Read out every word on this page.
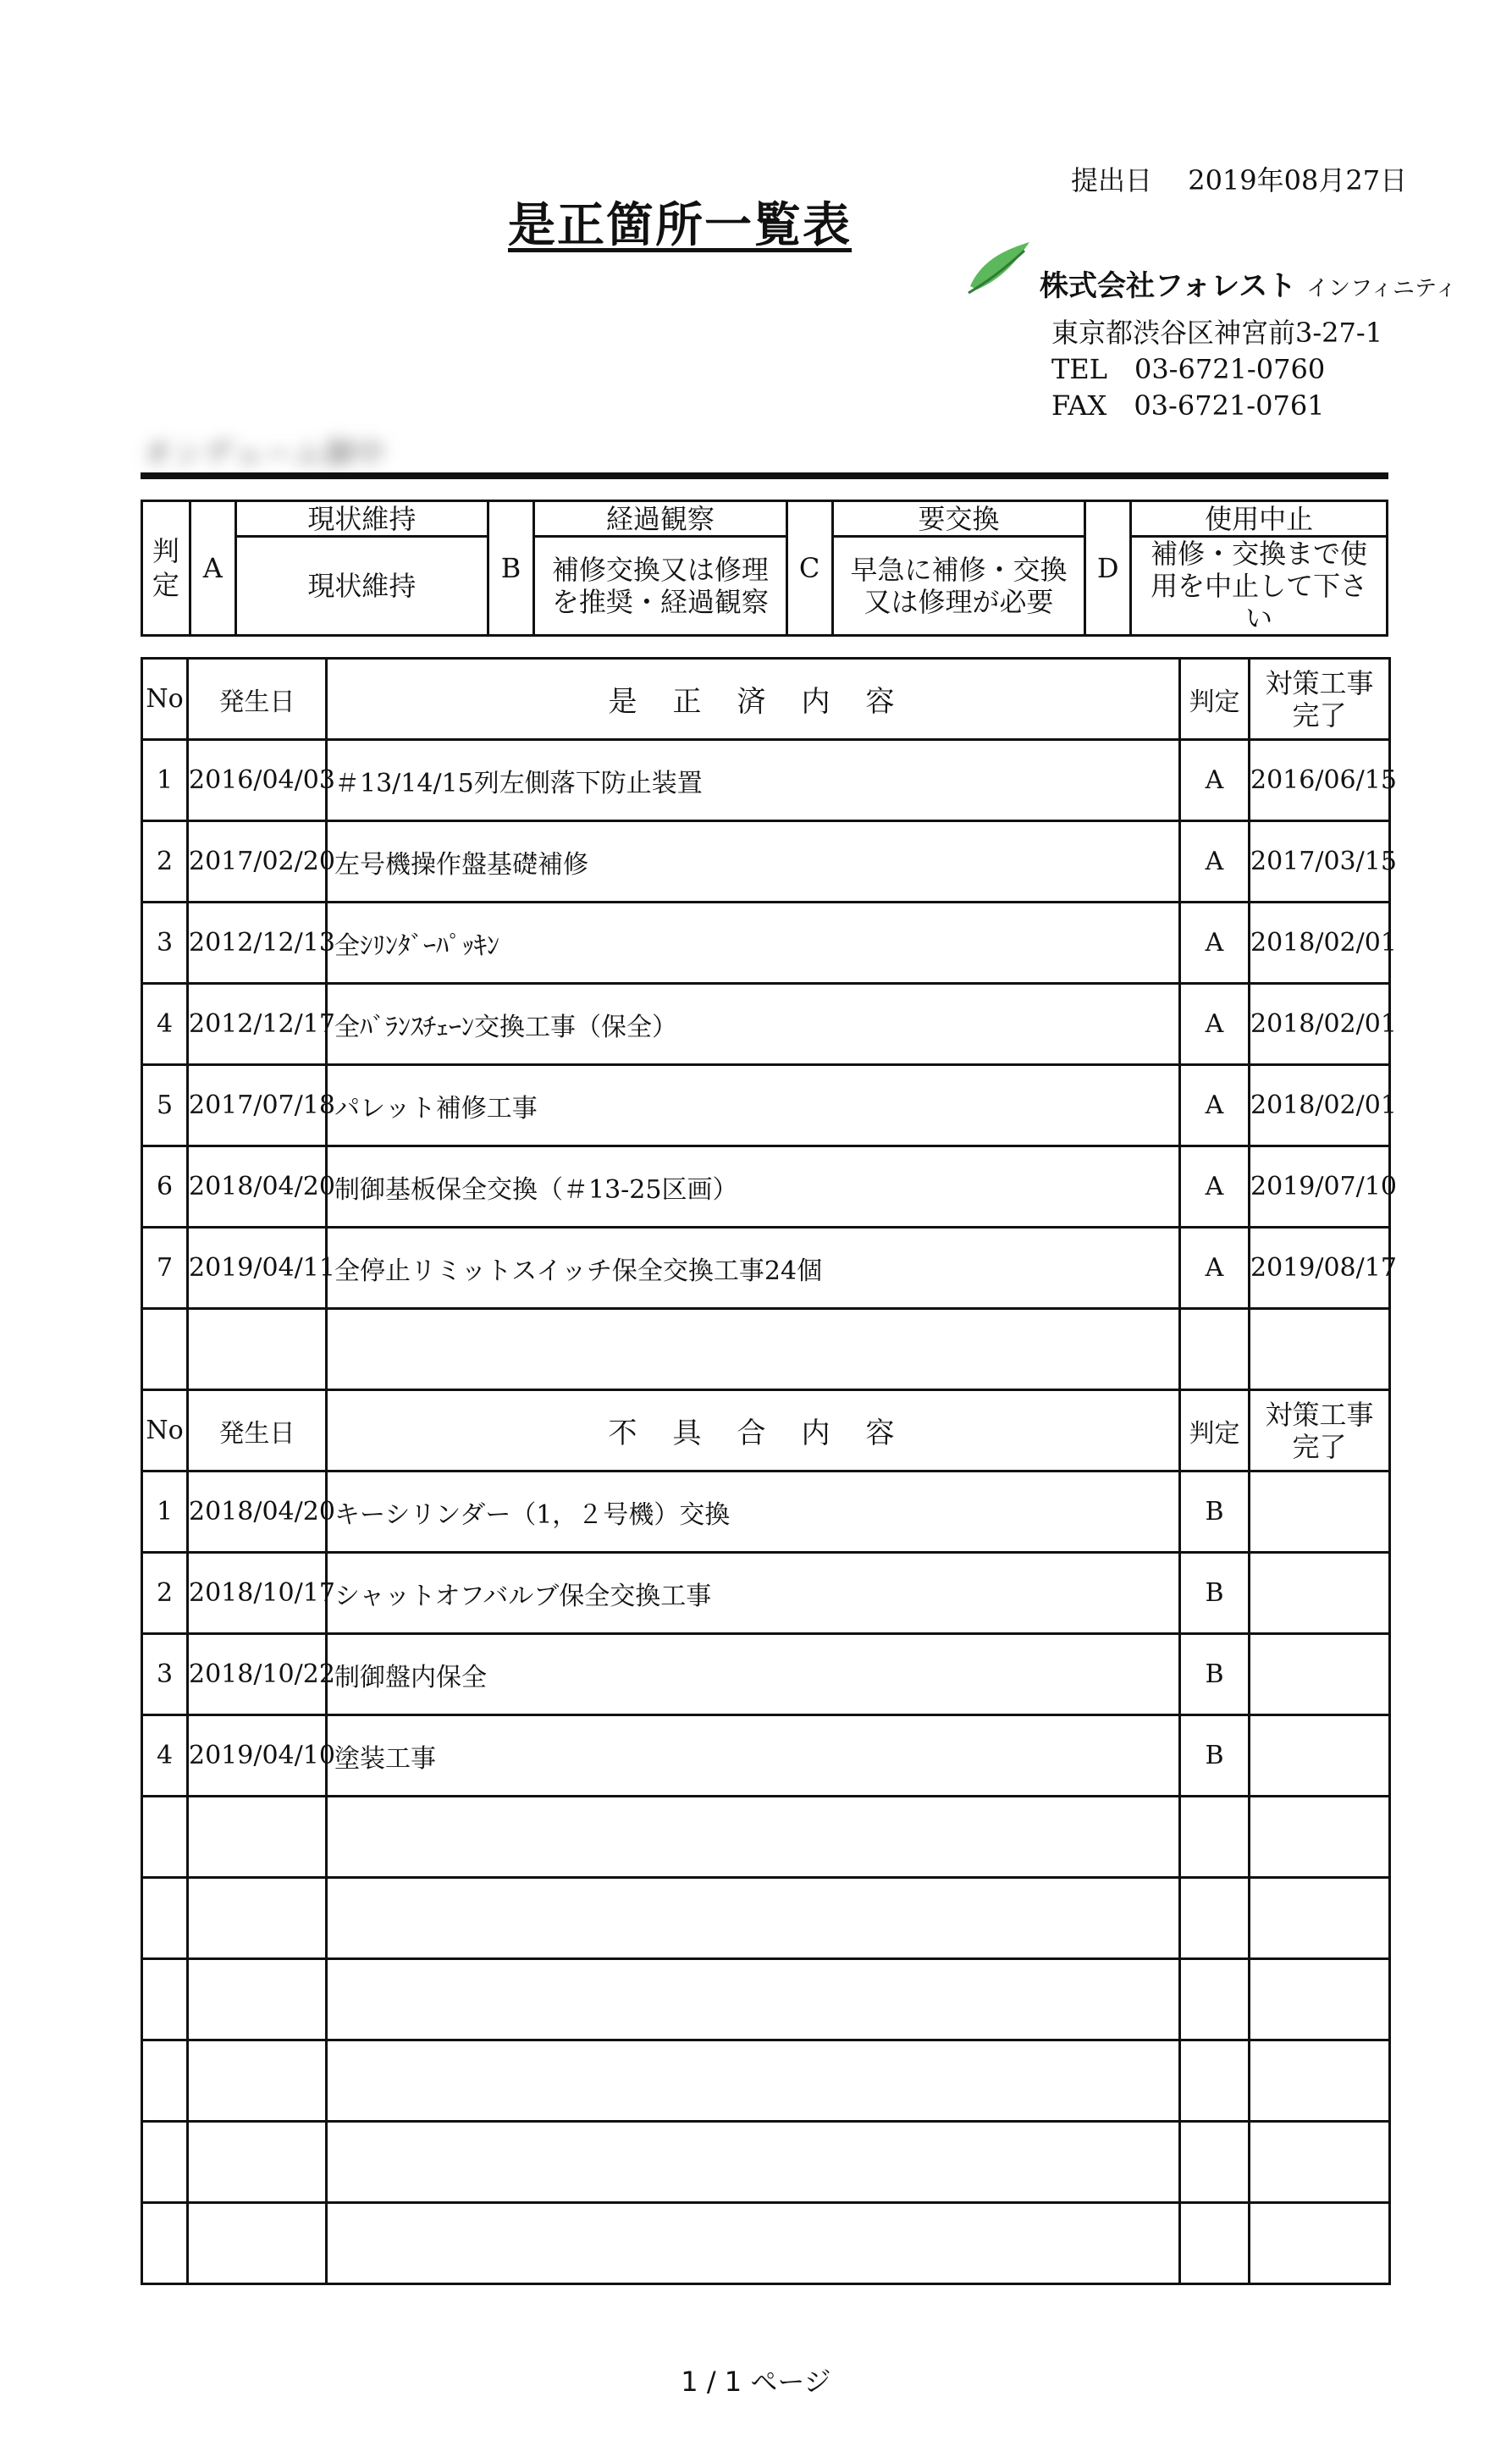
提出日　 2019年08月27日
是正箇所一覧表
株式会社フォレスト インフィニティ
東京都渋谷区神宮前3-27-1
TEL　03-6721-0760
FAX　03-6721-0761
オンデューム御中
判定	A	現状維持	B	経過観察	C	要交換	D	使用中止
		現状維持		補修交換又は修理を推奨・経過観察		早急に補修・交換又は修理が必要		補修・交換まで使用を中止して下さい
No	発生日	是　正　済　内　容	判定	対策工事完了

1	2016/04/03	＃13/14/15列左側落下防止装置	A	2016/06/15
2	2017/02/20	左号機操作盤基礎補修	A	2017/03/15
3	2012/12/13	全ｼﾘﾝﾀﾞｰﾊﾟｯｷﾝ	A	2018/02/01
4	2012/12/17	全ﾊﾞﾗﾝｽﾁｪｰﾝ交換工事（保全）	A	2018/02/01
5	2017/07/18	パレット補修工事	A	2018/02/01
6	2018/04/20	制御基板保全交換（＃13-25区画）	A	2019/07/10
7	2019/04/11	全停止リミットスイッチ保全交換工事24個	A	2019/08/17

No	発生日	不　具　合　内　容	判定	対策工事完了

1	2018/04/20	キーシリンダー（1，２号機）交換	B	
2	2018/10/17	シャットオフバルブ保全交換工事	B	
3	2018/10/22	制御盤内保全	B	
4	2019/04/10	塗装工事	B	

1 / 1 ページ
